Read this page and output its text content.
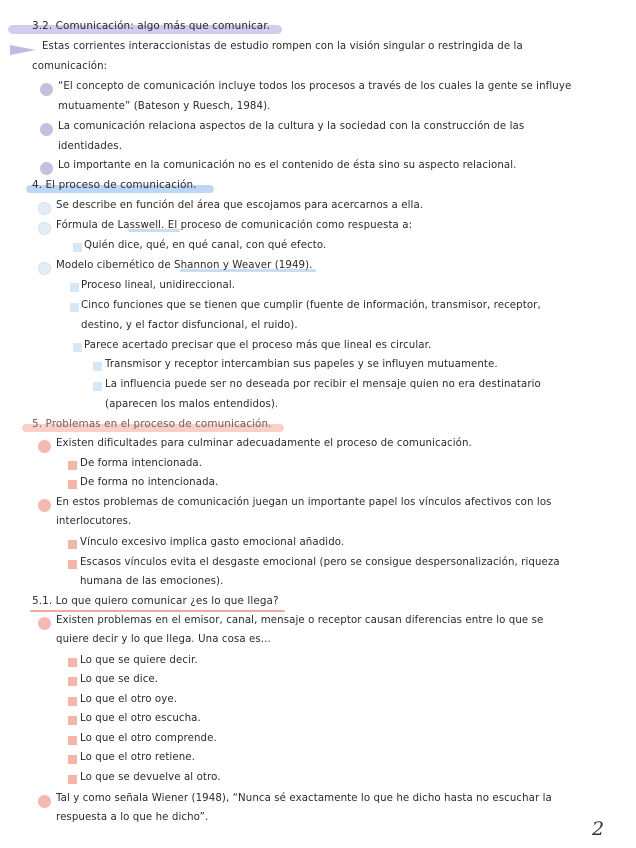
3.2. Comunicación: algo más que comunicar.
Estas corrientes interaccionistas de estudio rompen con la visión singular o restringida de la
comunicación:
“El concepto de comunicación incluye todos los procesos a través de los cuales la gente se influye
mutuamente” (Bateson y Ruesch, 1984).
La comunicación relaciona aspectos de la cultura y la sociedad con la construcción de las
identidades.
Lo importante en la comunicación no es el contenido de ésta sino su aspecto relacional.
4. El proceso de comunicación.
Se describe en función del área que escojamos para acercarnos a ella.
Fórmula de Lasswell. El proceso de comunicación como respuesta a:
Quién dice, qué, en qué canal, con qué efecto.
Modelo cibernético de Shannon y Weaver (1949).
Proceso lineal, unidireccional.
Cinco funciones que se tienen que cumplir (fuente de información, transmisor, receptor,
destino, y el factor disfuncional, el ruido).
Parece acertado precisar que el proceso más que lineal es circular.
Transmisor y receptor intercambian sus papeles y se influyen mutuamente.
La influencia puede ser no deseada por recibir el mensaje quien no era destinatario
(aparecen los malos entendidos).
5. Problemas en el proceso de comunicación.
Existen dificultades para culminar adecuadamente el proceso de comunicación.
De forma intencionada.
De forma no intencionada.
En estos problemas de comunicación juegan un importante papel los vínculos afectivos con los
interlocutores.
Vínculo excesivo implica gasto emocional añadido.
Escasos vínculos evita el desgaste emocional (pero se consigue despersonalización, riqueza
humana de las emociones).
5.1. Lo que quiero comunicar ¿es lo que llega?
Existen problemas en el emisor, canal, mensaje o receptor causan diferencias entre lo que se
quiere decir y lo que llega. Una cosa es...
Lo que se quiere decir.
Lo que se dice.
Lo que el otro oye.
Lo que el otro escucha.
Lo que el otro comprende.
Lo que el otro retiene.
Lo que se devuelve al otro.
Tal y como señala Wiener (1948), “Nunca sé exactamente lo que he dicho hasta no escuchar la
respuesta a lo que he dicho”.
2
